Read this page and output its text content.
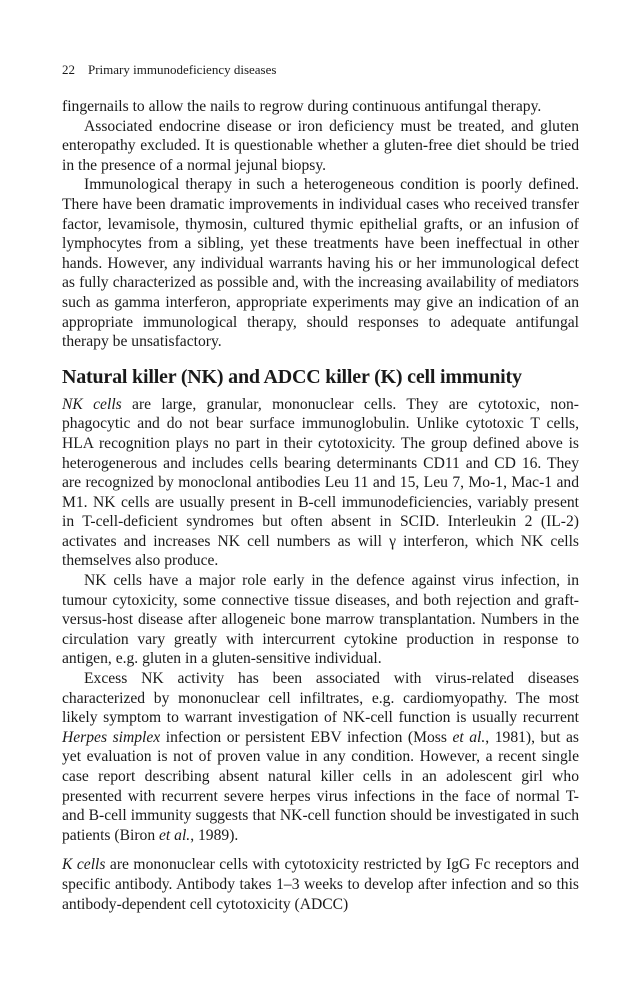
22 Primary immunodeficiency diseases

fingernails to allow the nails to regrow during continuous antifungal therapy.

Associated endocrine disease or iron deficiency must be treated, and gluten enteropathy excluded. It is questionable whether a gluten-free diet should be tried in the presence of a normal jejunal biopsy.

Immunological therapy in such a heterogeneous condition is poorly defined. There have been dramatic improvements in individual cases who received transfer factor, levamisole, thymosin, cultured thymic epithelial grafts, or an infusion of lymphocytes from a sibling, yet these treatments have been ineffectual in other hands. However, any individual warrants having his or her immunological defect as fully characterized as possible and, with the increasing availability of mediators such as gamma interferon, appropriate experiments may give an indication of an appropriate immunological therapy, should responses to adequate antifungal therapy be unsatisfactory.

Natural killer (NK) and ADCC killer (K) cell immunity

NK cells are large, granular, mononuclear cells. They are cytotoxic, non-phagocytic and do not bear surface immunoglobulin. Unlike cytotoxic T cells, HLA recognition plays no part in their cytotoxicity. The group defined above is heterogenerous and includes cells bearing determinants CD11 and CD 16. They are recognized by monoclonal antibodies Leu 11 and 15, Leu 7, Mo-1, Mac-1 and M1. NK cells are usually present in B-cell immunodeficiencies, variably present in T-cell-deficient syndromes but often absent in SCID. Interleukin 2 (IL-2) activates and increases NK cell numbers as will γ interferon, which NK cells themselves also produce.

NK cells have a major role early in the defence against virus infection, in tumour cytoxicity, some connective tissue diseases, and both rejection and graft-versus-host disease after allogeneic bone marrow transplantation. Numbers in the circulation vary greatly with intercurrent cytokine production in response to antigen, e.g. gluten in a gluten-sensitive individual.

Excess NK activity has been associated with virus-related diseases characterized by mononuclear cell infiltrates, e.g. cardiomyopathy. The most likely symptom to warrant investigation of NK-cell function is usually recurrent Herpes simplex infection or persistent EBV infection (Moss et al., 1981), but as yet evaluation is not of proven value in any condition. However, a recent single case report describing absent natural killer cells in an adolescent girl who presented with recurrent severe herpes virus infections in the face of normal T- and B-cell immunity suggests that NK-cell function should be investigated in such patients (Biron et al., 1989).

K cells are mononuclear cells with cytotoxicity restricted by IgG Fc receptors and specific antibody. Antibody takes 1–3 weeks to develop after infection and so this antibody-dependent cell cytotoxicity (ADCC)
